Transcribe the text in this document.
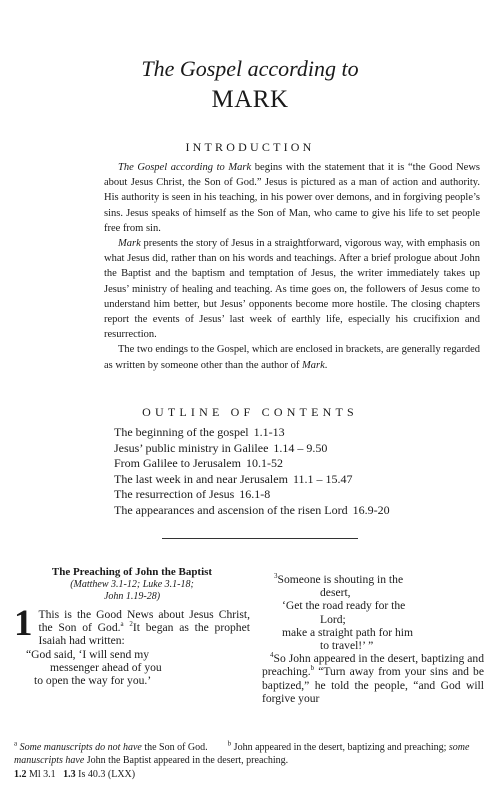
The Gospel according to
MARK
INTRODUCTION

The Gospel according to Mark begins with the statement that it is “the Good News about Jesus Christ, the Son of God.” Jesus is pictured as a man of action and authority. His authority is seen in his teaching, in his power over demons, and in forgiving people’s sins. Jesus speaks of himself as the Son of Man, who came to give his life to set people free from sin.

Mark presents the story of Jesus in a straightforward, vigorous way, with emphasis on what Jesus did, rather than on his words and teachings. After a brief prologue about John the Baptist and the baptism and temptation of Jesus, the writer immediately takes up Jesus’ ministry of healing and teaching. As time goes on, the followers of Jesus come to understand him better, but Jesus’ opponents become more hostile. The closing chapters report the events of Jesus’ last week of earthly life, especially his crucifixion and resurrection.

The two endings to the Gospel, which are enclosed in brackets, are generally regarded as written by someone other than the author of Mark.

OUTLINE OF CONTENTS
The beginning of the gospel 1.1-13
Jesus’ public ministry in Galilee 1.14 – 9.50
From Galilee to Jerusalem 10.1-52
The last week in and near Jerusalem 11.1 – 15.47
The resurrection of Jesus 16.1-8
The appearances and ascension of the risen Lord 16.9-20
The Preaching of John the Baptist
(Matthew 3.1-12; Luke 3.1-18;
John 1.19-28)
1 This is the Good News about Jesus Christ, the Son of God.$^a$ $^2$It began as the prophet Isaiah had written:
“God said, ‘I will send my
messenger ahead of you
to open the way for you.’
$^3$Someone is shouting in the
desert,
‘Get the road ready for the
Lord;
make a straight path for him
to travel!’ ”
$^4$So John appeared in the desert, baptizing and preaching.$^b$ “Turn away from your sins and be baptized,” he told the people, “and God will forgive your
$^a$ Some manuscripts do not have the Son of God.	$^b$ John appeared in the desert, baptizing and preaching; some manuscripts have John the Baptist appeared in the desert, preaching.
1.2 Ml 3.1 1.3 Is 40.3 (LXX)
